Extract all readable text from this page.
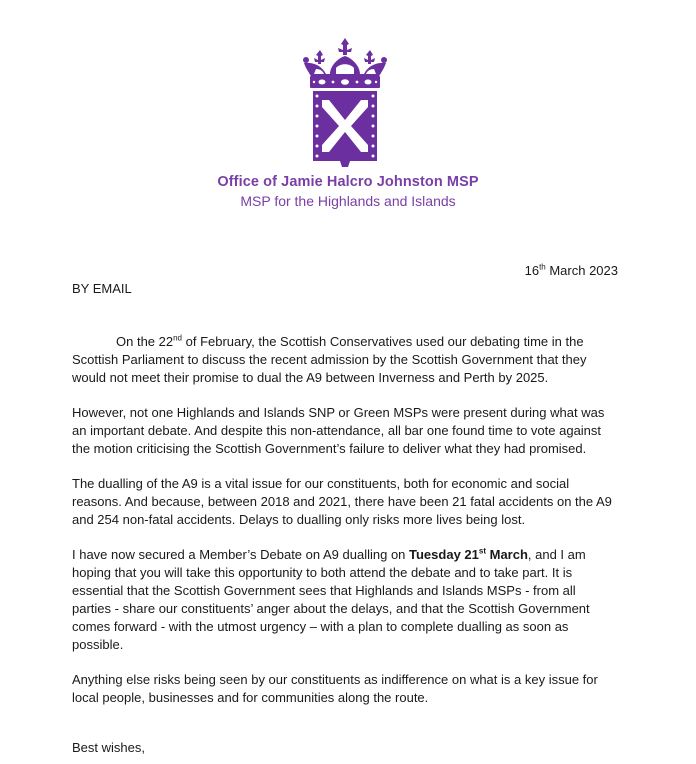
Office of Jamie Halcro Johnston MSP
MSP for the Highlands and Islands
16th March 2023
BY EMAIL

On the 22nd of February, the Scottish Conservatives used our debating time in the Scottish Parliament to discuss the recent admission by the Scottish Government that they would not meet their promise to dual the A9 between Inverness and Perth by 2025.

However, not one Highlands and Islands SNP or Green MSPs were present during what was an important debate. And despite this non-attendance, all bar one found time to vote against the motion criticising the Scottish Government’s failure to deliver what they had promised.

The dualling of the A9 is a vital issue for our constituents, both for economic and social reasons. And because, between 2018 and 2021, there have been 21 fatal accidents on the A9 and 254 non-fatal accidents. Delays to dualling only risks more lives being lost.

I have now secured a Member’s Debate on A9 dualling on Tuesday 21st March, and I am hoping that you will take this opportunity to both attend the debate and to take part. It is essential that the Scottish Government sees that Highlands and Islands MSPs - from all parties - share our constituents’ anger about the delays, and that the Scottish Government comes forward - with the utmost urgency – with a plan to complete dualling as soon as possible.

Anything else risks being seen by our constituents as indifference on what is a key issue for local people, businesses and for communities along the route.

Best wishes,
